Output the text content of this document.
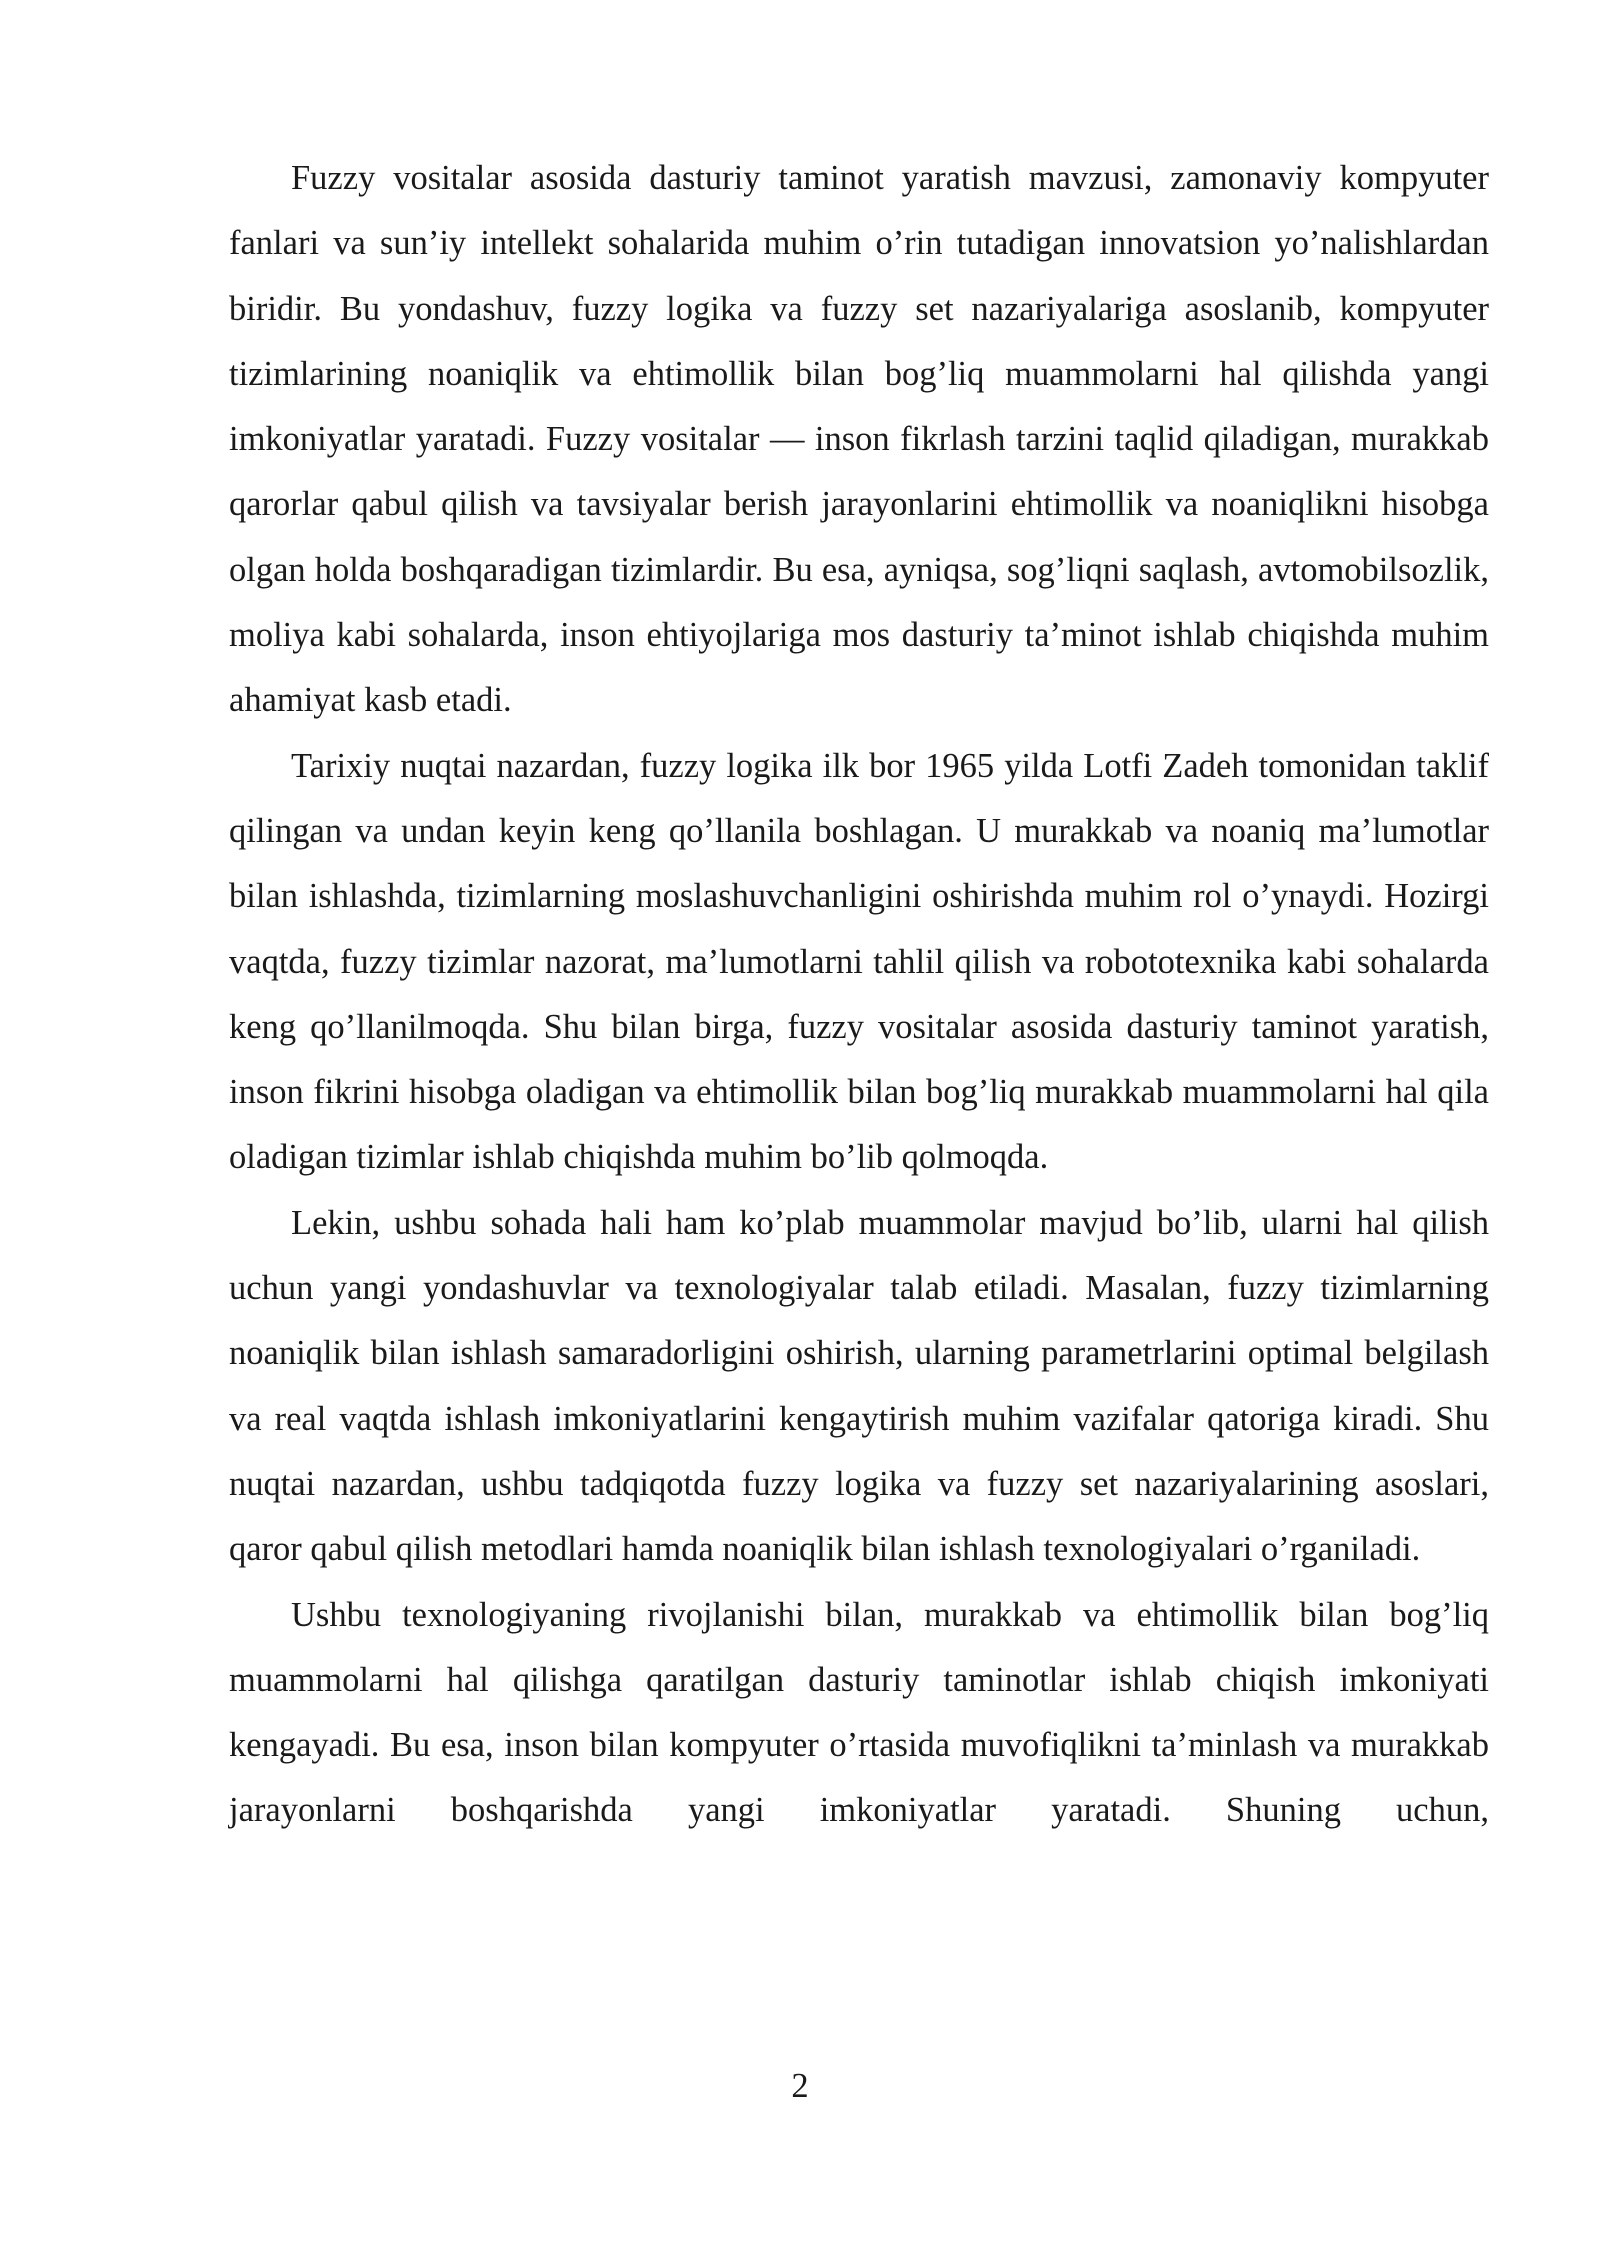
Fuzzy vositalar asosida dasturiy taminot yaratish mavzusi, zamonaviy kompyuter fanlari va sun’iy intellekt sohalarida muhim o’rin tutadigan innovatsion yo’nalishlardan biridir. Bu yondashuv, fuzzy logika va fuzzy set nazariyalariga asoslanib, kompyuter tizimlarining noaniqlik va ehtimollik bilan bog’liq muammolarni hal qilishda yangi imkoniyatlar yaratadi. Fuzzy vositalar — inson fikrlash tarzini taqlid qiladigan, murakkab qarorlar qabul qilish va tavsiyalar berish jarayonlarini ehtimollik va noaniqlikni hisobga olgan holda boshqaradigan tizimlardir. Bu esa, ayniqsa, sog’liqni saqlash, avtomobilsozlik, moliya kabi sohalarda, inson ehtiyojlariga mos dasturiy ta’minot ishlab chiqishda muhim ahamiyat kasb etadi.

Tarixiy nuqtai nazardan, fuzzy logika ilk bor 1965 yilda Lotfi Zadeh tomonidan taklif qilingan va undan keyin keng qo’llanila boshlagan. U murakkab va noaniq ma’lumotlar bilan ishlashda, tizimlarning moslashuvchanligini oshirishda muhim rol o’ynaydi. Hozirgi vaqtda, fuzzy tizimlar nazorat, ma’lumotlarni tahlil qilish va robototexnika kabi sohalarda keng qo’llanilmoqda. Shu bilan birga, fuzzy vositalar asosida dasturiy taminot yaratish, inson fikrini hisobga oladigan va ehtimollik bilan bog’liq murakkab muammolarni hal qila oladigan tizimlar ishlab chiqishda muhim bo’lib qolmoqda.

Lekin, ushbu sohada hali ham ko’plab muammolar mavjud bo’lib, ularni hal qilish uchun yangi yondashuvlar va texnologiyalar talab etiladi. Masalan, fuzzy tizimlarning noaniqlik bilan ishlash samaradorligini oshirish, ularning parametrlarini optimal belgilash va real vaqtda ishlash imkoniyatlarini kengaytirish muhim vazifalar qatoriga kiradi. Shu nuqtai nazardan, ushbu tadqiqotda fuzzy logika va fuzzy set nazariyalarining asoslari, qaror qabul qilish metodlari hamda noaniqlik bilan ishlash texnologiyalari o’rganiladi.

Ushbu texnologiyaning rivojlanishi bilan, murakkab va ehtimollik bilan bog’liq muammolarni hal qilishga qaratilgan dasturiy taminotlar ishlab chiqish imkoniyati kengayadi. Bu esa, inson bilan kompyuter o’rtasida muvofiqlikni ta’minlash va murakkab jarayonlarni boshqarishda yangi imkoniyatlar yaratadi. Shuning uchun,

2
